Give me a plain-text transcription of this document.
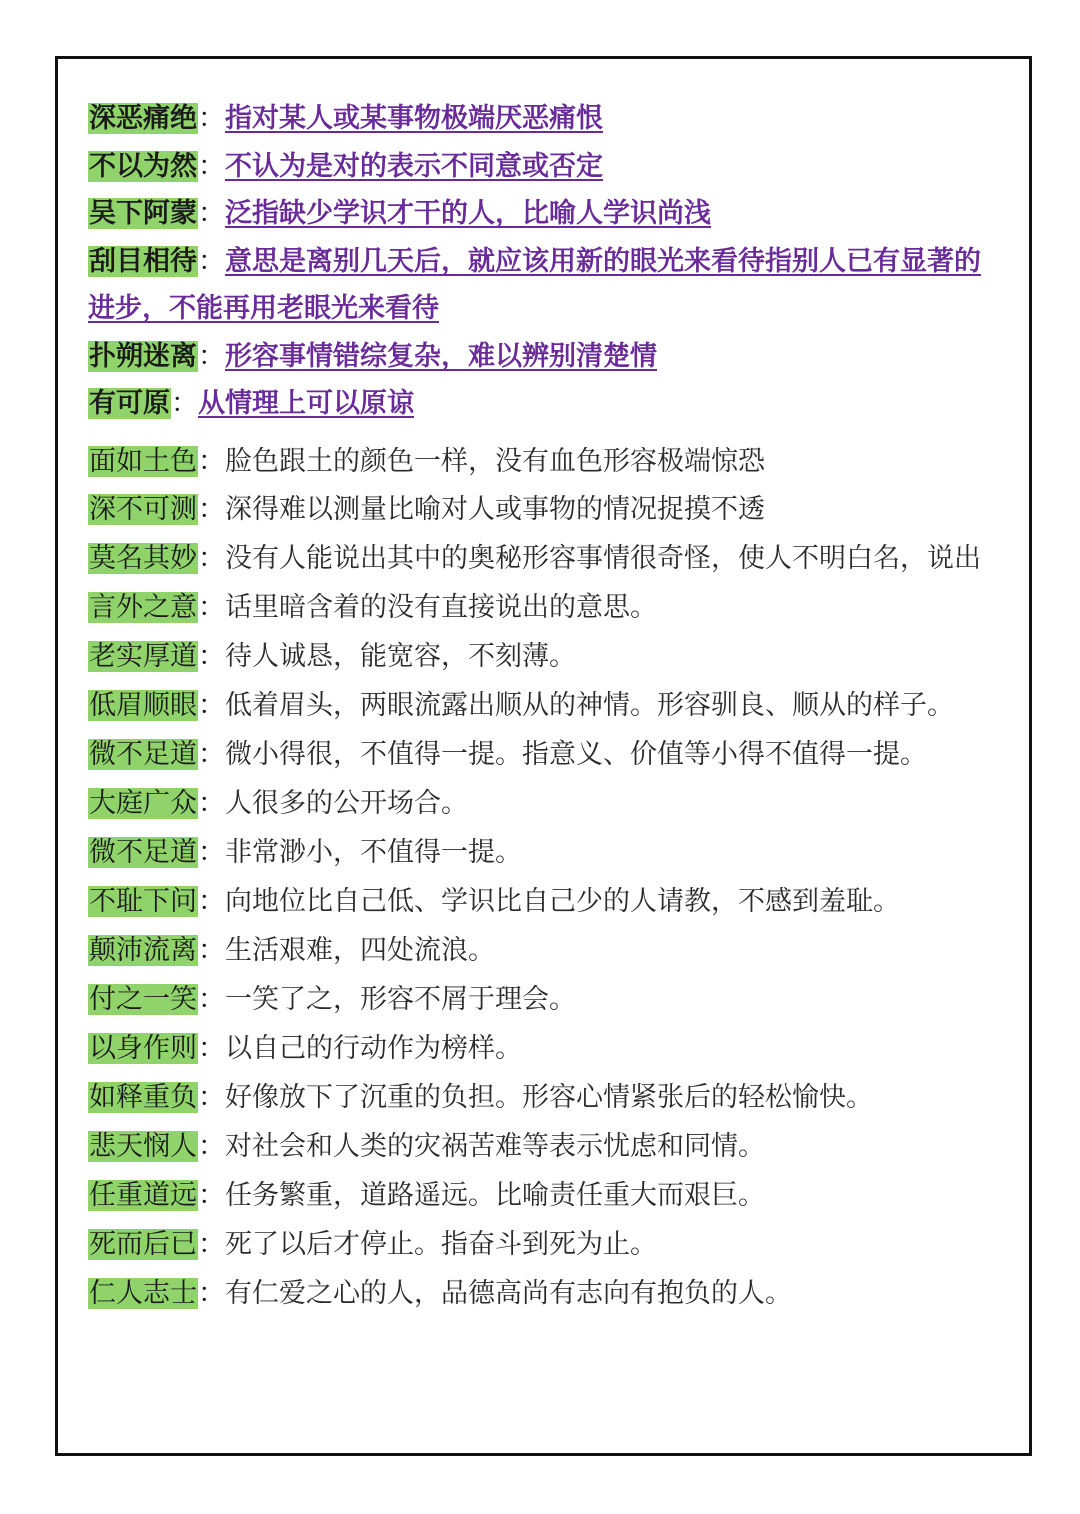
深恶痛绝：指对某人或某事物极端厌恶痛恨

不以为然：不认为是对的表示不同意或否定

吴下阿蒙：泛指缺少学识才干的人，比喻人学识尚浅

刮目相待：意思是离别几天后，就应该用新的眼光来看待指别人已有显著的进步，不能再用老眼光来看待

扑朔迷离：形容事情错综复杂，难以辨别清楚情

有可原：从情理上可以原谅

面如土色：脸色跟土的颜色一样，没有血色形容极端惊恐

深不可测：深得难以测量比喻对人或事物的情况捉摸不透

莫名其妙：没有人能说出其中的奥秘形容事情很奇怪，使人不明白名，说出

言外之意：话里暗含着的没有直接说出的意思。

老实厚道：待人诚恳，能宽容，不刻薄。

低眉顺眼：低着眉头，两眼流露出顺从的神情。形容驯良、顺从的样子。

微不足道：微小得很，不值得一提。指意义、价值等小得不值得一提。

大庭广众：人很多的公开场合。

微不足道：非常渺小，不值得一提。

不耻下问：向地位比自己低、学识比自己少的人请教，不感到羞耻。

颠沛流离：生活艰难，四处流浪。

付之一笑：一笑了之，形容不屑于理会。

以身作则：以自己的行动作为榜样。

如释重负：好像放下了沉重的负担。形容心情紧张后的轻松愉快。

悲天悯人：对社会和人类的灾祸苦难等表示忧虑和同情。

任重道远：任务繁重，道路遥远。比喻责任重大而艰巨。

死而后已：死了以后才停止。指奋斗到死为止。

仁人志士：有仁爱之心的人，品德高尚有志向有抱负的人。
